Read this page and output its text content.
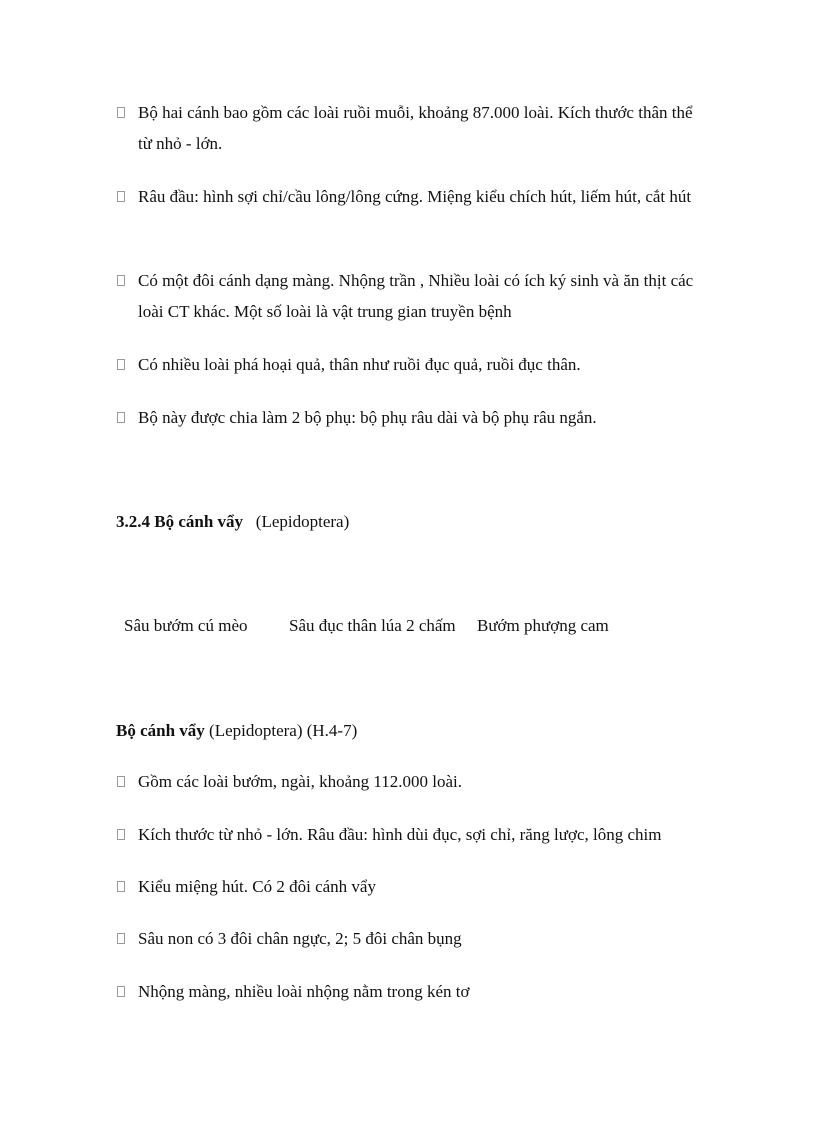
Bộ hai cánh bao gồm các loài ruồi muỗi, khoảng 87.000 loài. Kích thước thân thể từ nhỏ - lớn.
Râu đầu: hình sợi chỉ/cầu lông/lông cứng. Miệng kiểu chích hút, liếm hút, cắt hút
Có một đôi cánh dạng màng. Nhộng trần , Nhiều loài có ích ký sinh và ăn thịt các loài CT khác. Một số loài là vật trung gian truyền bệnh
Có nhiều loài phá hoại quả, thân như ruồi đục quả, ruồi đục thân.
Bộ này được chia làm 2 bộ phụ: bộ phụ râu dài và bộ phụ râu ngắn.
3.2.4 Bộ cánh vẩy (Lepidoptera)
Sâu bướm cú mèo Sâu đục thân lúa 2 chấm Bướm phượng cam
Bộ cánh vẩy (Lepidoptera) (H.4-7)
Gồm các loài bướm, ngài, khoảng 112.000 loài.
Kích thước từ nhỏ - lớn. Râu đầu: hình dùi đục, sợi chỉ, răng lược, lông chim
Kiểu miệng hút. Có 2 đôi cánh vẩy
Sâu non có 3 đôi chân ngực, 2; 5 đôi chân bụng
Nhộng màng, nhiều loài nhộng nằm trong kén tơ
